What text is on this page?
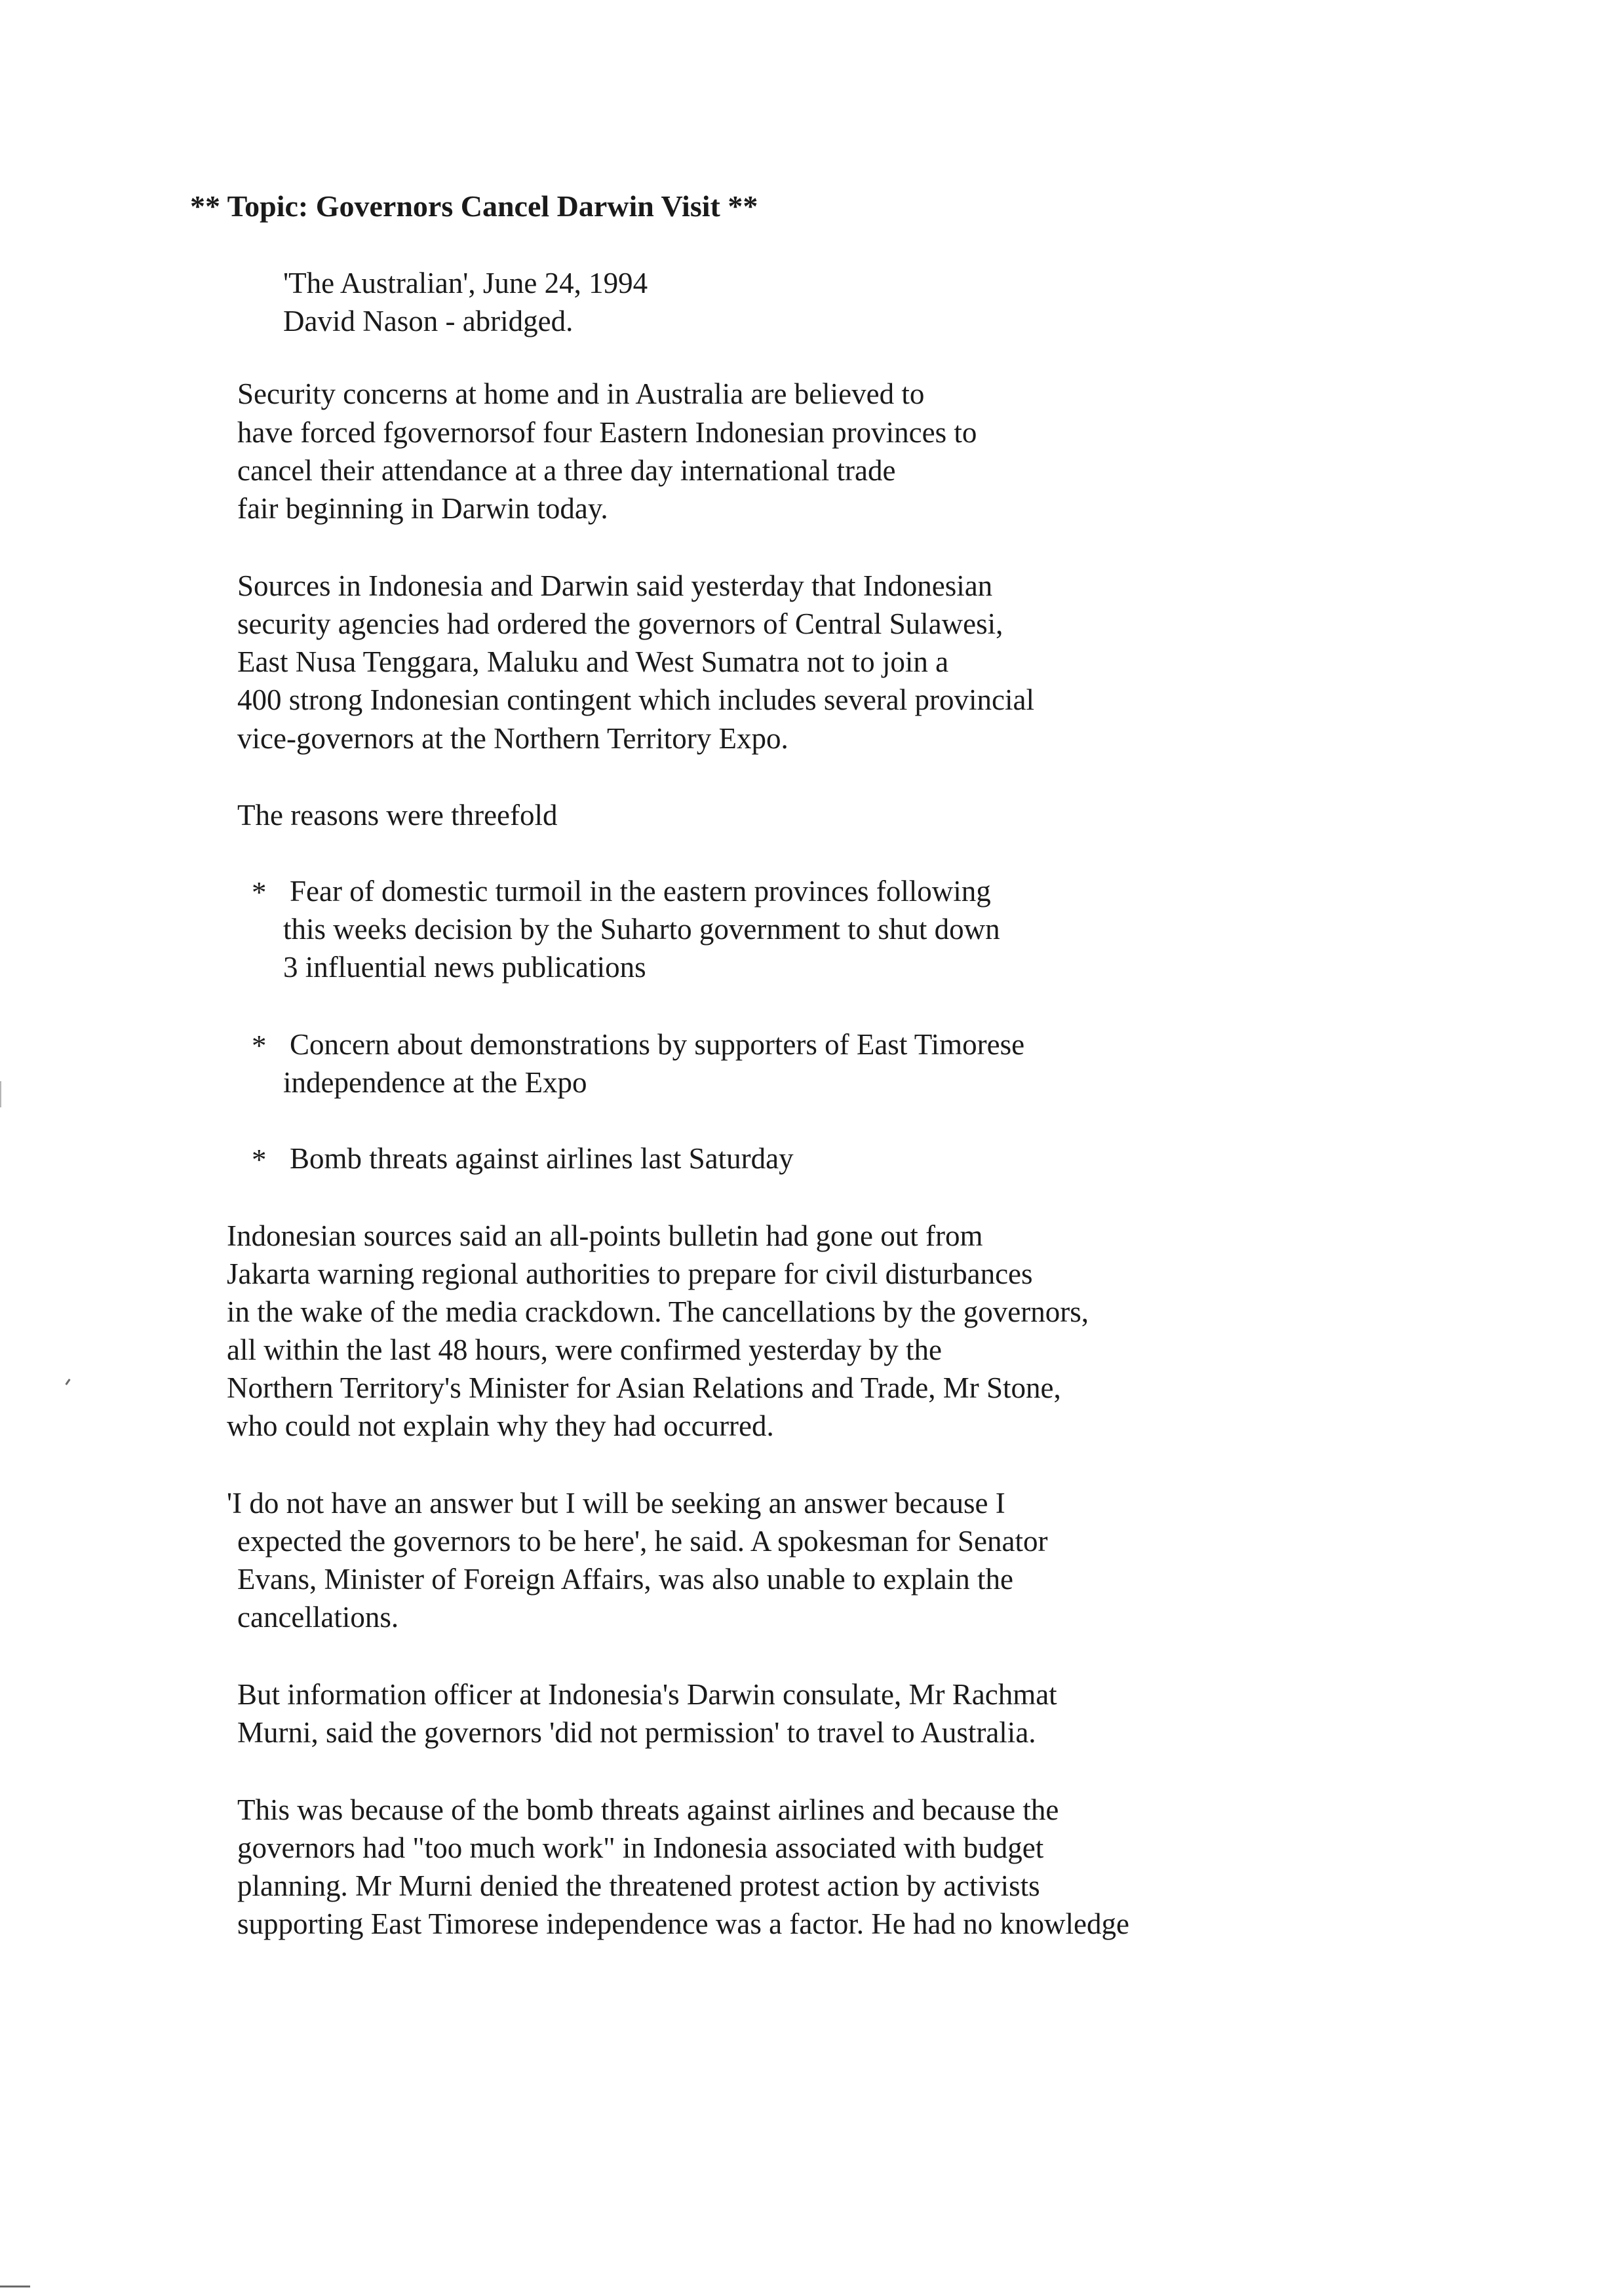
** Topic: Governors Cancel Darwin Visit **
'The Australian', June 24, 1994
David Nason - abridged.
Security concerns at home and in Australia are believed to
have forced fgovernorsof four Eastern Indonesian provinces to
cancel their attendance at a three day international trade
fair beginning in Darwin today.
Sources in Indonesia and Darwin said yesterday that Indonesian
security agencies had ordered the governors of Central Sulawesi,
East Nusa Tenggara, Maluku and West Sumatra not to join a
400 strong Indonesian contingent which includes several provincial
vice-governors at the Northern Territory Expo.
The reasons were threefold
* Fear of domestic turmoil in the eastern provinces following
this weeks decision by the Suharto government to shut down
3 influential news publications
* Concern about demonstrations by supporters of East Timorese
independence at the Expo
* Bomb threats against airlines last Saturday
Indonesian sources said an all-points bulletin had gone out from
Jakarta warning regional authorities to prepare for civil disturbances
in the wake of the media crackdown. The cancellations by the governors,
all within the last 48 hours, were confirmed yesterday by the
Northern Territory's Minister for Asian Relations and Trade, Mr Stone,
who could not explain why they had occurred.
'I do not have an answer but I will be seeking an answer because I
expected the governors to be here', he said. A spokesman for Senator
Evans, Minister of Foreign Affairs, was also unable to explain the
cancellations.
But information officer at Indonesia's Darwin consulate, Mr Rachmat
Murni, said the governors 'did not permission' to travel to Australia.
This was because of the bomb threats against airlines and because the
governors had "too much work" in Indonesia associated with budget
planning. Mr Murni denied the threatened protest action by activists
supporting East Timorese independence was a factor. He had no knowledge
